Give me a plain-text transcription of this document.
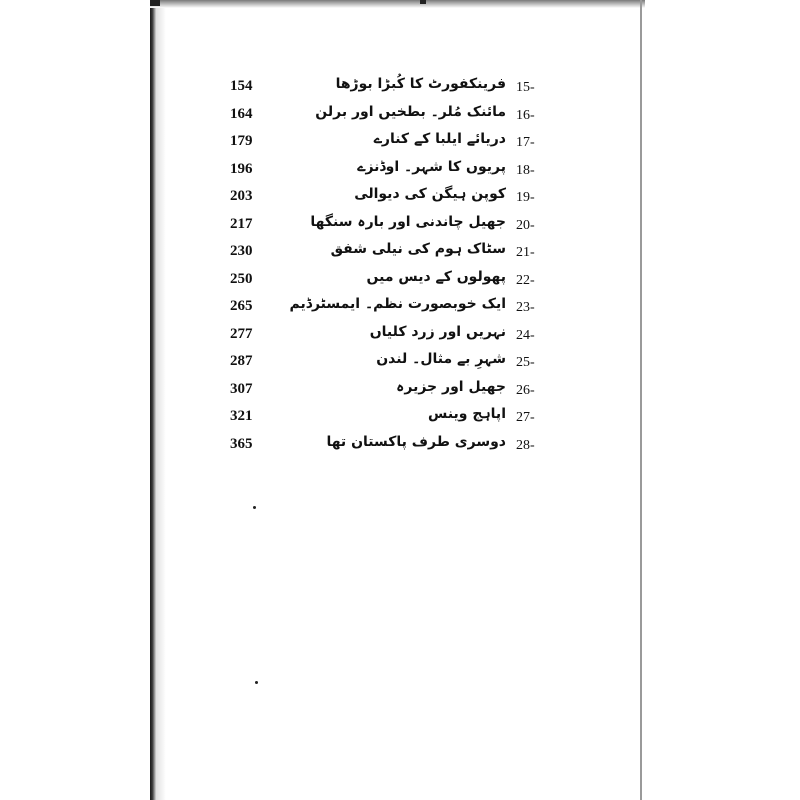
154	فرینکفورٹ کا کُبڑا بوڑھا 15-
164	مائنک مُلر۔ بطخیں اور برلن 16-
179	دریائے ایلبا کے کنارے 17-
196	پریوں کا شہر۔ اوڈنزے 18-
203	کوپن ہیگن کی دیوالی 19-
217	جھیل چاندنی اور بارہ سنگھا 20-
230	سٹاک ہوم کی نیلی شفق 21-
250	پھولوں کے دیس میں 22-
265	ایک خوبصورت نظم۔ ایمسٹرڈیم 23-
277	نہریں اور زرد کلیاں 24-
287	شہرِ بے مثال۔ لندن 25-
307	جھیل اور جزیرہ 26-
321	اپاہج وینس 27-
365	دوسری طرف پاکستان تھا 28-
